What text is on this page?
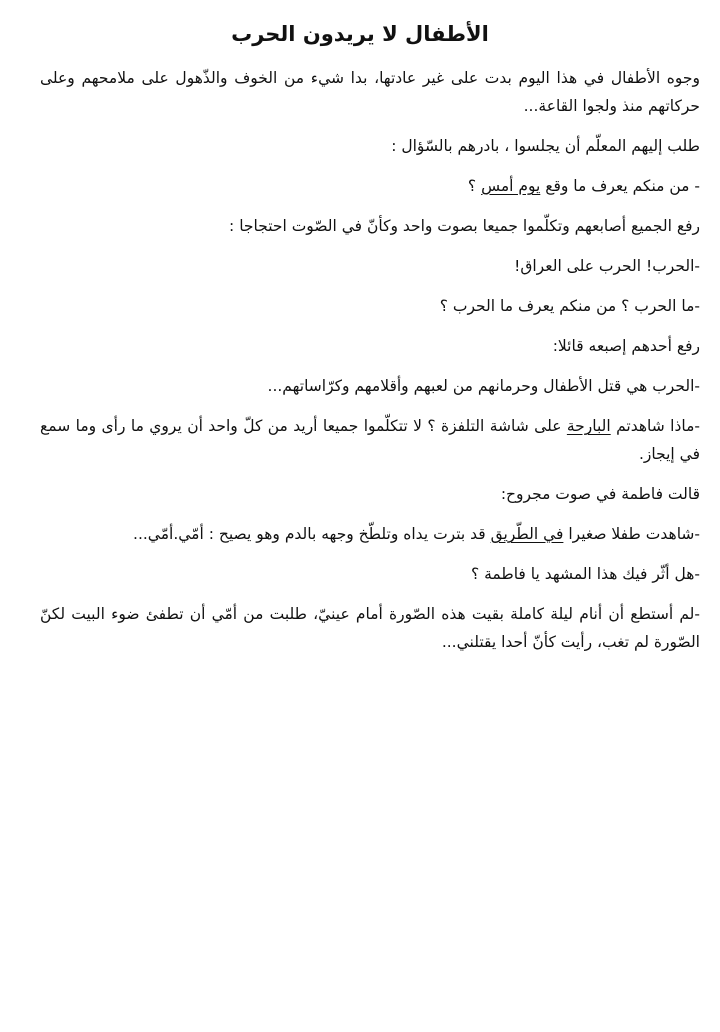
الأطفال لا يريدون الحرب

وجوه الأطفال في هذا اليوم بدت على غير عادتها، بدا شيء من الخوف والذّهول على ملامحهم وعلى حركاتهم منذ ولجوا القاعة...

طلب إليهم المعلّم أن يجلسوا ، بادرهم بالسّؤال :

- من منكم يعرف ما وقع يوم أمس ؟

رفع الجميع أصابعهم وتكلّموا جميعا بصوت واحد وكأنّ في الصّوت احتجاجا :

-الحرب! الحرب على العراق!

-ما الحرب ؟ من منكم يعرف ما الحرب ؟

رفع أحدهم إصبعه قائلا:

-الحرب هي قتل الأطفال وحرمانهم من لعبهم وأقلامهم وكرّاساتهم...

-ماذا شاهدتم البارحة على شاشة التلفزة ؟ لا تتكلّموا جميعا أريد من كلّ واحد أن يروي ما رأى وما سمع في إيجاز.

قالت فاطمة في صوت مجروح:

-شاهدت طفلا صغيرا في الطّريق قد بترت يداه وتلطّخ وجهه بالدم وهو يصيح : أمّي.أمّي...

-هل أثّر فيك هذا المشهد يا فاطمة ؟

-لم أستطع أن أنام ليلة كاملة بقيت هذه الصّورة أمام عينيّ، طلبت من أمّي أن تطفئ ضوء البيت لكنّ الصّورة لم تغب، رأيت كأنّ أحدا يقتلني...
